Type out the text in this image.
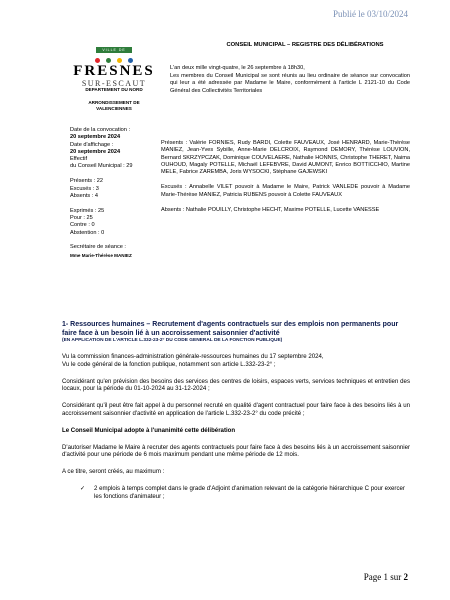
Publié le 03/10/2024
VILLE DE
FRESNES
SUR-ESCAUT
DEPARTEMENT DU NORD
ARRONDISSEMENT DE
VALENCIENNES
CONSEIL MUNICIPAL – REGISTRE DES DÉLIBÉRATIONS
L'an deux mille vingt-quatre, le 26 septembre à 18h30,
Les membres du Conseil Municipal se sont réunis au lieu ordinaire de séance sur convocation qui leur a été adressée par Madame le Maire, conformément à l'article L 2121-10 du Code Général des Collectivités Territoriales
Date de la convocation :
20 septembre 2024
Date d'affichage :
20 septembre 2024
Effectif
du Conseil Municipal : 29
Présents : 22
Excusés : 3
Absents : 4
Exprimés : 25
Pour : 25
Contre : 0
Abstention : 0
Secrétaire de séance :
Mme Marie-Thérèse MANIEZ

Présents : Valérie FORNIES, Rudy BARDI, Colette FAUVEAUX, José HENRARD, Marie-Thérèse MANIEZ, Jean-Yves Sybille, Anne-Marie DELCROIX, Raymond DEMORY, Thérèse LOUVION, Bernard SKRZYPCZAK, Dominique COUVELAERE, Nathalie HONNIS, Christophe THERET, Naima OUHOUD, Magaly POTELLE, Michaël LEFEBVRE, David AUMONT, Enrico BOTTICCHIO, Martine MELE, Fabrice ZAREMBA, Joris WYSOCKI, Stéphane GAJEWSKI

Excusés : Annabelle VILET pouvoir à Madame le Maire, Patrick VANLEDE pouvoir à Madame Marie-Thérèse MANIEZ, Patricia RUBENS pouvoir à Colette FAUVEAUX

Absents : Nathalie POUILLY, Christophe HECHT, Maxime POTELLE, Lucette VANESSE

1- Ressources humaines – Recrutement d'agents contractuels sur des emplois non permanents pour faire face à un besoin lié à un accroissement saisonnier d'activité
(EN APPLICATION DE L'ARTICLE L.332-23-2° DU CODE GENERAL DE LA FONCTION PUBLIQUE)

Vu la commission finances-administration générale-ressources humaines du 17 septembre 2024,
Vu le code général de la fonction publique, notamment son article L.332-23-2° ;

Considérant qu'en prévision des besoins des services des centres de loisirs, espaces verts, services techniques et entretien des locaux, pour la période du 01-10-2024 au 31-12-2024 ;

Considérant qu'il peut être fait appel à du personnel recruté en qualité d'agent contractuel pour faire face à des besoins liés à un accroissement saisonnier d'activité en application de l'article L.332-23-2° du code précité ;

Le Conseil Municipal adopte à l'unanimité cette délibération

D'autoriser Madame le Maire à recruter des agents contractuels pour faire face à des besoins liés à un accroissement saisonnier d'activité pour une période de 6 mois maximum pendant une même période de 12 mois.

A ce titre, seront créés, au maximum :

✓	2 emplois à temps complet dans le grade d'Adjoint d'animation relevant de la catégorie hiérarchique C pour exercer les fonctions d'animateur ;
Page 1 sur 2
